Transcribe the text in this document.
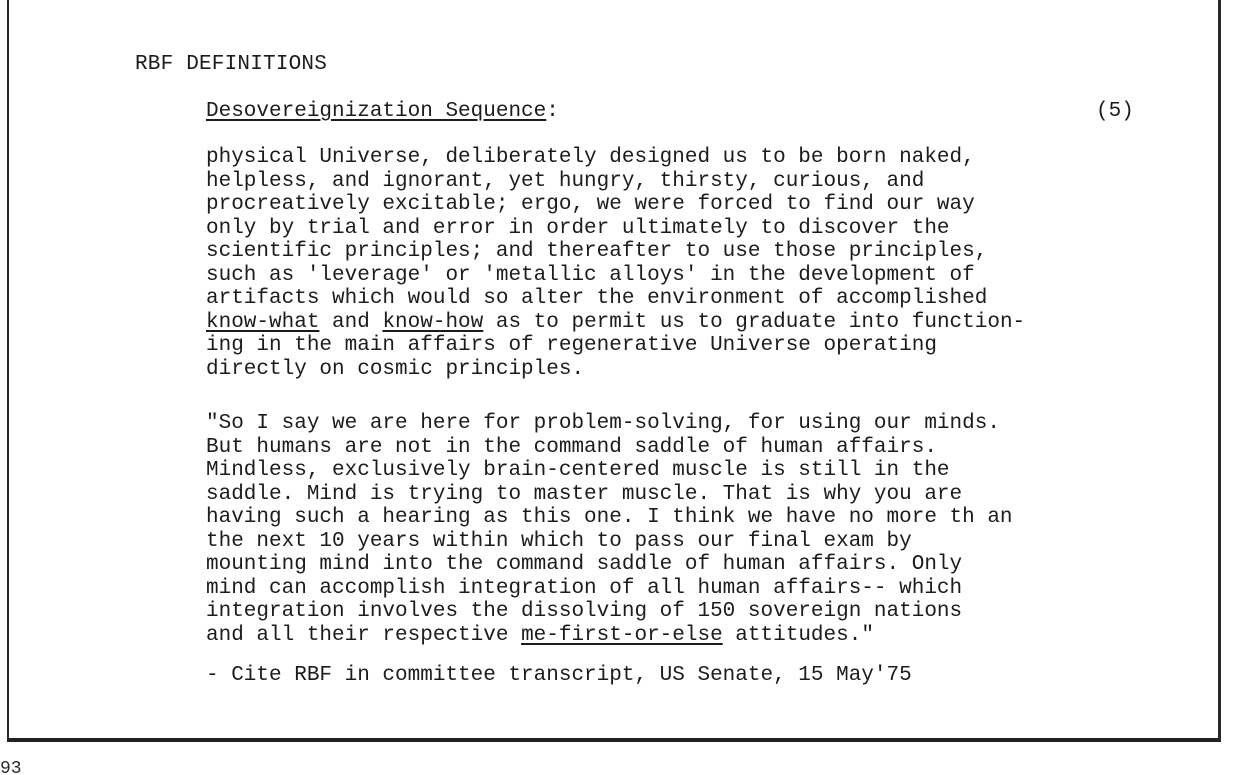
RBF DEFINITIONS
Desovereignization Sequence:	(5)
physical Universe, deliberately designed us to be born naked,
helpless, and ignorant, yet hungry, thirsty, curious, and
procreatively excitable; ergo, we were forced to find our way
only by trial and error in order ultimately to discover the
scientific principles; and thereafter to use those principles,
such as 'leverage' or 'metallic alloys' in the development of
artifacts which would so alter the environment of accomplished
know-what and know-how as to permit us to graduate into function-
ing in the main affairs of regenerative Universe operating
directly on cosmic principles.
"So I say we are here for problem-solving, for using our minds.
But humans are not in the command saddle of human affairs.
Mindless, exclusively brain-centered muscle is still in the
saddle. Mind is trying to master muscle. That is why you are
having such a hearing as this one. I think we have no more th an
the next 10 years within which to pass our final exam by
mounting mind into the command saddle of human affairs. Only
mind can accomplish integration of all human affairs-- which
integration involves the dissolving of 150 sovereign nations
and all their respective me-first-or-else attitudes."
- Cite RBF in committee transcript, US Senate, 15 May'75
93
